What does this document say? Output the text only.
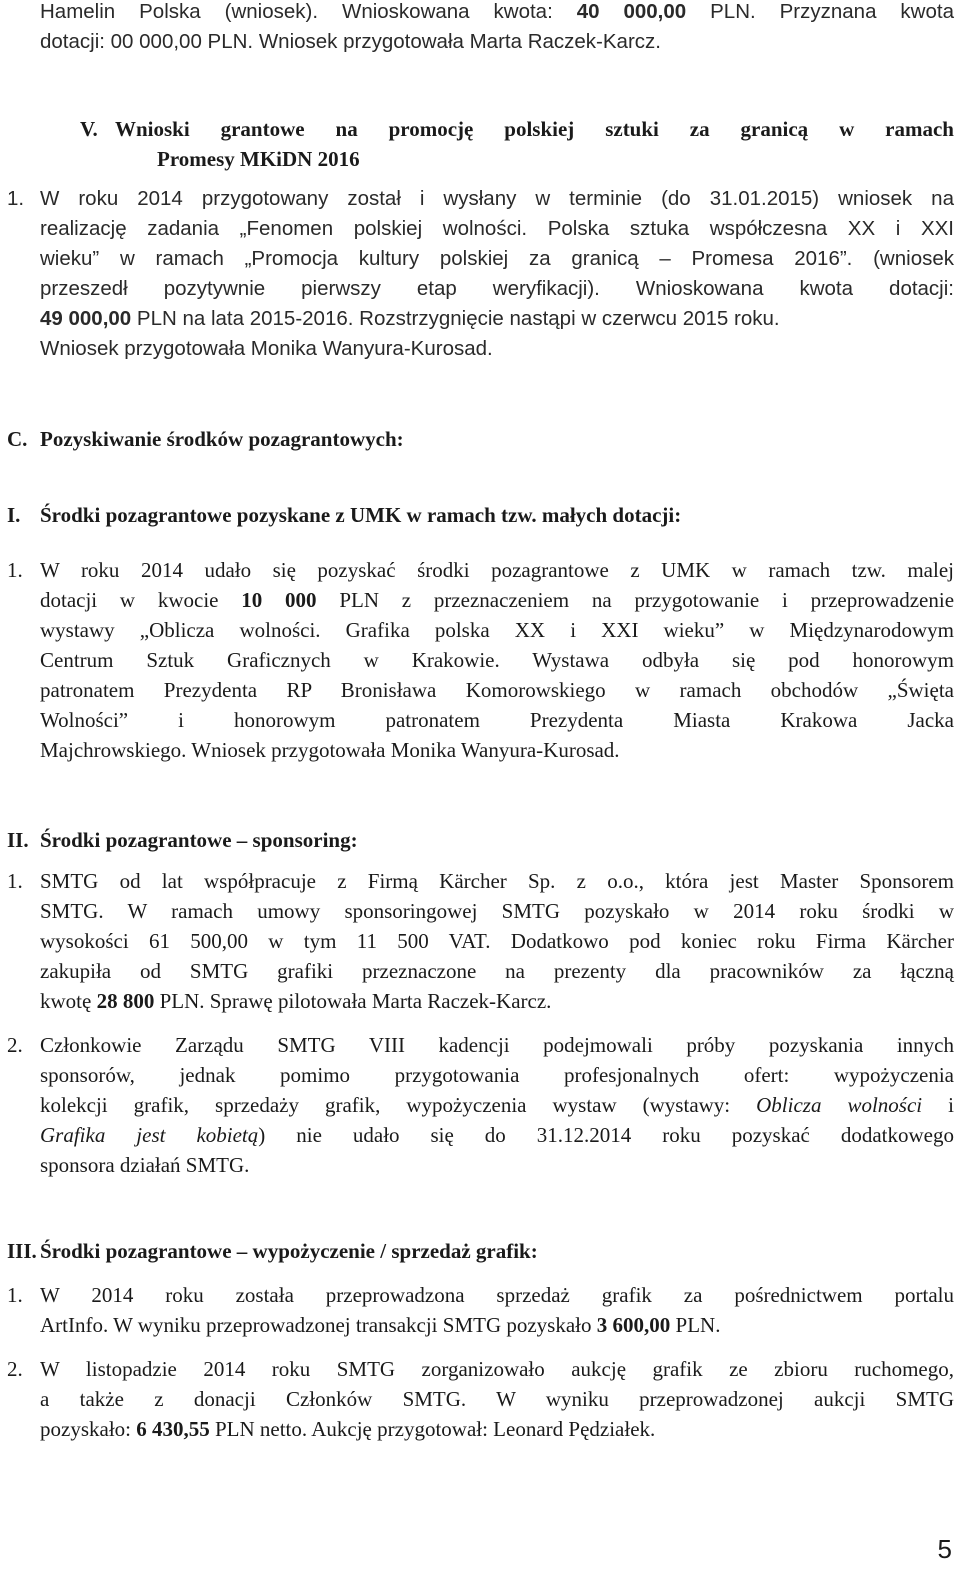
Hamelin Polska (wniosek). Wnioskowana kwota: 40 000,00 PLN. Przyznana kwota
dotacji: 00 000,00 PLN. Wniosek przygotowała Marta Raczek-Karcz.
V. Wnioski grantowe na promocję polskiej sztuki za granicą w ramach
Promesy MKiDN 2016
1. W roku 2014 przygotowany został i wysłany w terminie (do 31.01.2015) wniosek na
realizację zadania „Fenomen polskiej wolności. Polska sztuka współczesna XX i XXI
wieku” w ramach „Promocja kultury polskiej za granicą – Promesa 2016”. (wniosek
przeszedł pozytywnie pierwszy etap weryfikacji). Wnioskowana kwota dotacji:
49 000,00 PLN na lata 2015-2016. Rozstrzygnięcie nastąpi w czerwcu 2015 roku.
Wniosek przygotowała Monika Wanyura-Kurosad.
C. Pozyskiwanie środków pozagrantowych:
I. Środki pozagrantowe pozyskane z UMK w ramach tzw. małych dotacji:
1. W roku 2014 udało się pozyskać środki pozagrantowe z UMK w ramach tzw. malej
dotacji w kwocie 10 000 PLN z przeznaczeniem na przygotowanie i przeprowadzenie
wystawy „Oblicza wolności. Grafika polska XX i XXI wieku” w Międzynarodowym
Centrum Sztuk Graficznych w Krakowie. Wystawa odbyła się pod honorowym
patronatem Prezydenta RP Bronisława Komorowskiego w ramach obchodów „Święta
Wolności” i honorowym patronatem Prezydenta Miasta Krakowa Jacka
Majchrowskiego. Wniosek przygotowała Monika Wanyura-Kurosad.
II. Środki pozagrantowe – sponsoring:
1. SMTG od lat współpracuje z Firmą Kärcher Sp. z o.o., która jest Master Sponsorem
SMTG. W ramach umowy sponsoringowej SMTG pozyskało w 2014 roku środki w
wysokości 61 500,00 w tym 11 500 VAT. Dodatkowo pod koniec roku Firma Kärcher
zakupiła od SMTG grafiki przeznaczone na prezenty dla pracowników za łączną
kwotę 28 800 PLN. Sprawę pilotowała Marta Raczek-Karcz.
2. Członkowie Zarządu SMTG VIII kadencji podejmowali próby pozyskania innych
sponsorów, jednak pomimo przygotowania profesjonalnych ofert: wypożyczenia
kolekcji grafik, sprzedaży grafik, wypożyczenia wystaw (wystawy: Oblicza wolności i
Grafika jest kobietą) nie udało się do 31.12.2014 roku pozyskać dodatkowego
sponsora działań SMTG.
III. Środki pozagrantowe – wypożyczenie / sprzedaż grafik:
1. W 2014 roku została przeprowadzona sprzedaż grafik za pośrednictwem portalu
ArtInfo. W wyniku przeprowadzonej transakcji SMTG pozyskało 3 600,00 PLN.
2. W listopadzie 2014 roku SMTG zorganizowało aukcję grafik ze zbioru ruchomego,
a także z donacji Członków SMTG. W wyniku przeprowadzonej aukcji SMTG
pozyskało: 6 430,55 PLN netto. Aukcję przygotował: Leonard Pędziałek.
5
